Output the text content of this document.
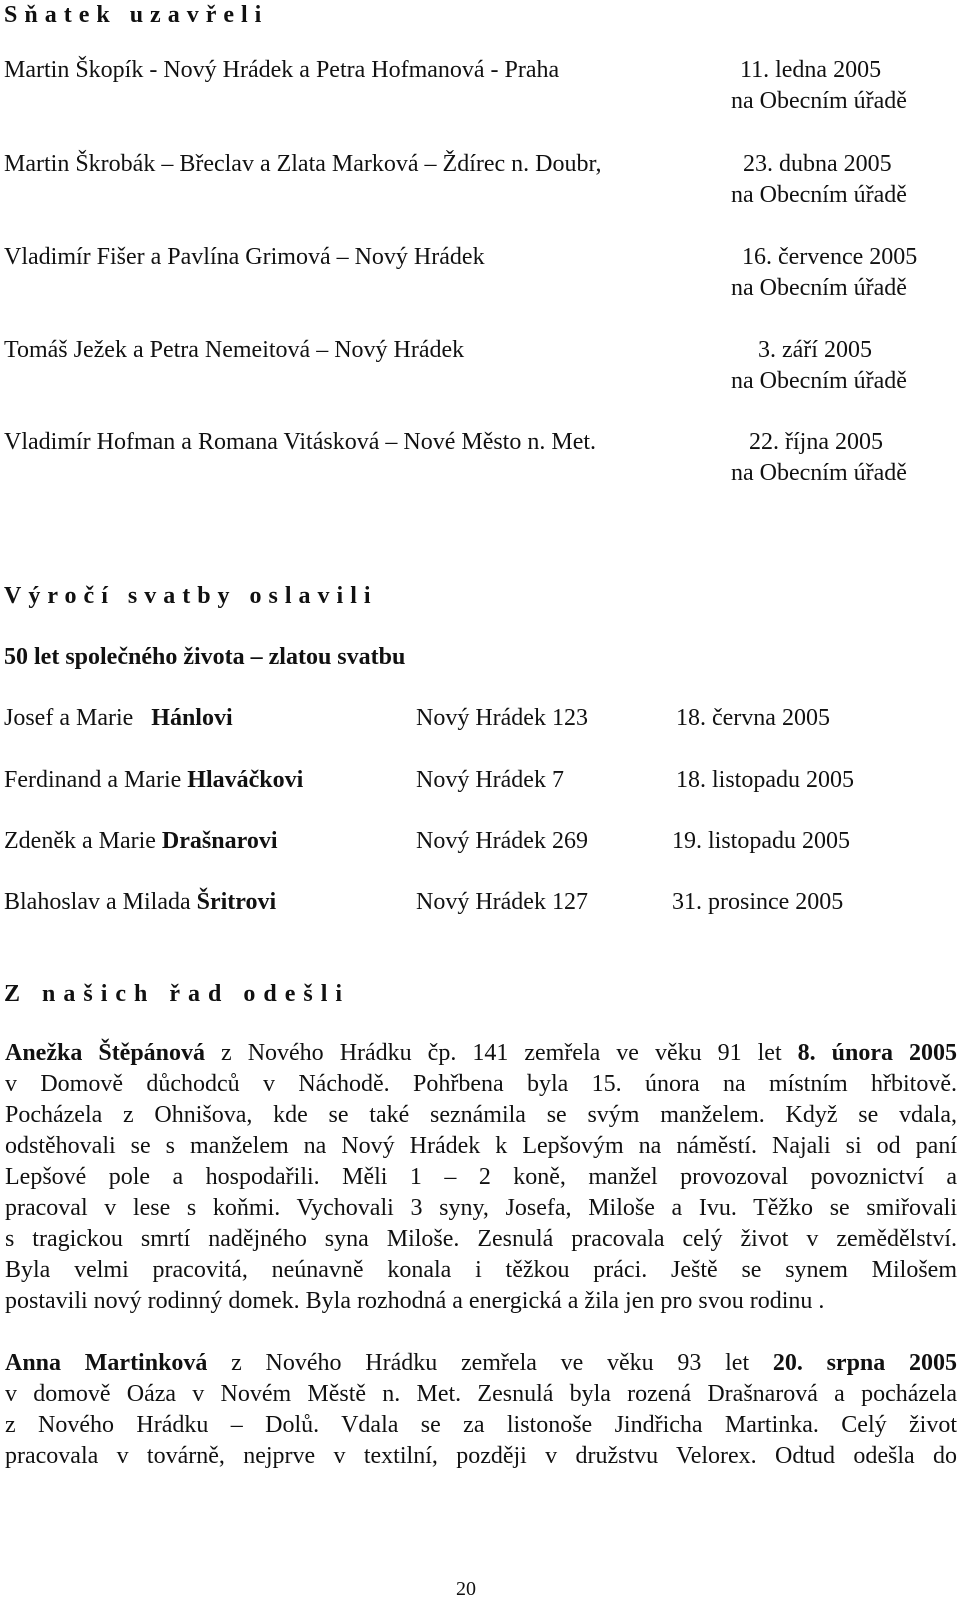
Sňatek uzavřeli
Martin Škopík - Nový Hrádek a Petra Hofmanová - Praha	11. ledna 2005
na Obecním úřadě
Martin Škrobák – Břeclav a Zlata Marková – Ždírec n. Doubr,	23. dubna 2005
na Obecním úřadě
Vladimír Fišer a Pavlína Grimová – Nový Hrádek	16. července 2005
na Obecním úřadě
Tomáš Ježek a Petra Nemeitová – Nový Hrádek	3. září 2005
na Obecním úřadě
Vladimír Hofman a Romana Vitásková – Nové Město n. Met.	22. října 2005
na Obecním úřadě
Výročí svatby oslavili
50 let společného života – zlatou svatbu
Josef a Marie Hánlovi	Nový Hrádek 123	18. června 2005
Ferdinand a Marie Hlaváčkovi	Nový Hrádek 7	18. listopadu 2005
Zdeněk a Marie Drašnarovi	Nový Hrádek 269	19. listopadu 2005
Blahoslav a Milada Šritrovi	Nový Hrádek 127	31. prosince 2005
Z našich řad odešli
Anežka Štěpánová z Nového Hrádku čp. 141 zemřela ve věku 91 let 8. února 2005
v Domově důchodců v Náchodě. Pohřbena byla 15. února na místním hřbitově.
Pocházela z Ohnišova, kde se také seznámila se svým manželem. Když se vdala,
odstěhovali se s manželem na Nový Hrádek k Lepšovým na náměstí. Najali si od paní
Lepšové pole a hospodařili. Měli 1 – 2 koně, manžel provozoval povoznictví a
pracoval v lese s koňmi. Vychovali 3 syny, Josefa, Miloše a Ivu. Těžko se smiřovali
s tragickou smrtí nadějného syna Miloše. Zesnulá pracovala celý život v zemědělství.
Byla velmi pracovitá, neúnavně konala i těžkou práci. Ještě se synem Milošem
postavili nový rodinný domek. Byla rozhodná a energická a žila jen pro svou rodinu .
Anna Martinková z Nového Hrádku zemřela ve věku 93 let 20. srpna 2005
v domově Oáza v Novém Městě n. Met. Zesnulá byla rozená Drašnarová a pocházela
z Nového Hrádku – Dolů. Vdala se za listonoše Jindřicha Martinka. Celý život
pracovala v továrně, nejprve v textilní, později v družstvu Velorex. Odtud odešla do
20
